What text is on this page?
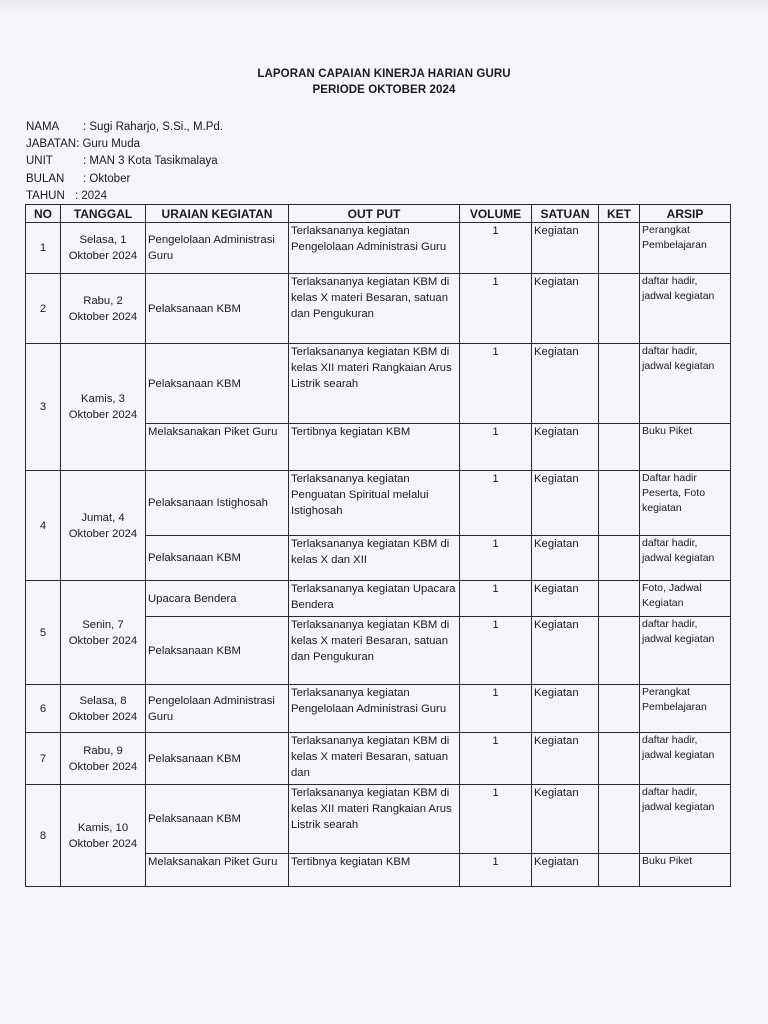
LAPORAN CAPAIAN KINERJA HARIAN GURU
PERIODE OKTOBER 2024
NAMA	: Sugi Raharjo, S.Si., M.Pd.
JABATAN : Guru Muda
UNIT	: MAN 3 Kota Tasikmalaya
BULAN	: Oktober
TAHUN : 2024
NO	TANGGAL	URAIAN KEGIATAN	OUT PUT	VOLUME	SATUAN	KET	ARSIP
1	Selasa, 1 Oktober 2024	Pengelolaan Administrasi Guru	Terlaksananya kegiatan Pengelolaan Administrasi Guru	1	Kegiatan		Perangkat Pembelajaran
2	Rabu, 2 Oktober 2024	Pelaksanaan KBM	Terlaksananya kegiatan KBM di kelas X materi Besaran, satuan dan Pengukuran	1	Kegiatan		daftar hadir, jadwal kegiatan
3	Kamis, 3 Oktober 2024	Pelaksanaan KBM	Terlaksananya kegiatan KBM di kelas XII materi Rangkaian Arus Listrik searah	1	Kegiatan		daftar hadir, jadwal kegiatan
		Melaksanakan Piket Guru	Tertibnya kegiatan KBM	1	Kegiatan		Buku Piket
4	Jumat, 4 Oktober 2024	Pelaksanaan Istighosah	Terlaksananya kegiatan Penguatan Spiritual melalui Istighosah	1	Kegiatan		Daftar hadir Peserta, Foto kegiatan
		Pelaksanaan KBM	Terlaksananya kegiatan KBM di kelas X dan XII	1	Kegiatan		daftar hadir, jadwal kegiatan
5	Senin, 7 Oktober 2024	Upacara Bendera	Terlaksananya kegiatan Upacara Bendera	1	Kegiatan		Foto, Jadwal Kegiatan
		Pelaksanaan KBM	Terlaksananya kegiatan KBM di kelas X materi Besaran, satuan dan Pengukuran	1	Kegiatan		daftar hadir, jadwal kegiatan
6	Selasa, 8 Oktober 2024	Pengelolaan Administrasi Guru	Terlaksananya kegiatan Pengelolaan Administrasi Guru	1	Kegiatan		Perangkat Pembelajaran
7	Rabu, 9 Oktober 2024	Pelaksanaan KBM	Terlaksananya kegiatan KBM di kelas X materi Besaran, satuan dan	1	Kegiatan		daftar hadir, jadwal kegiatan
8	Kamis, 10 Oktober 2024	Pelaksanaan KBM	Terlaksananya kegiatan KBM di kelas XII materi Rangkaian Arus Listrik searah	1	Kegiatan		daftar hadir, jadwal kegiatan
		Melaksanakan Piket Guru	Tertibnya kegiatan KBM	1	Kegiatan		Buku Piket
